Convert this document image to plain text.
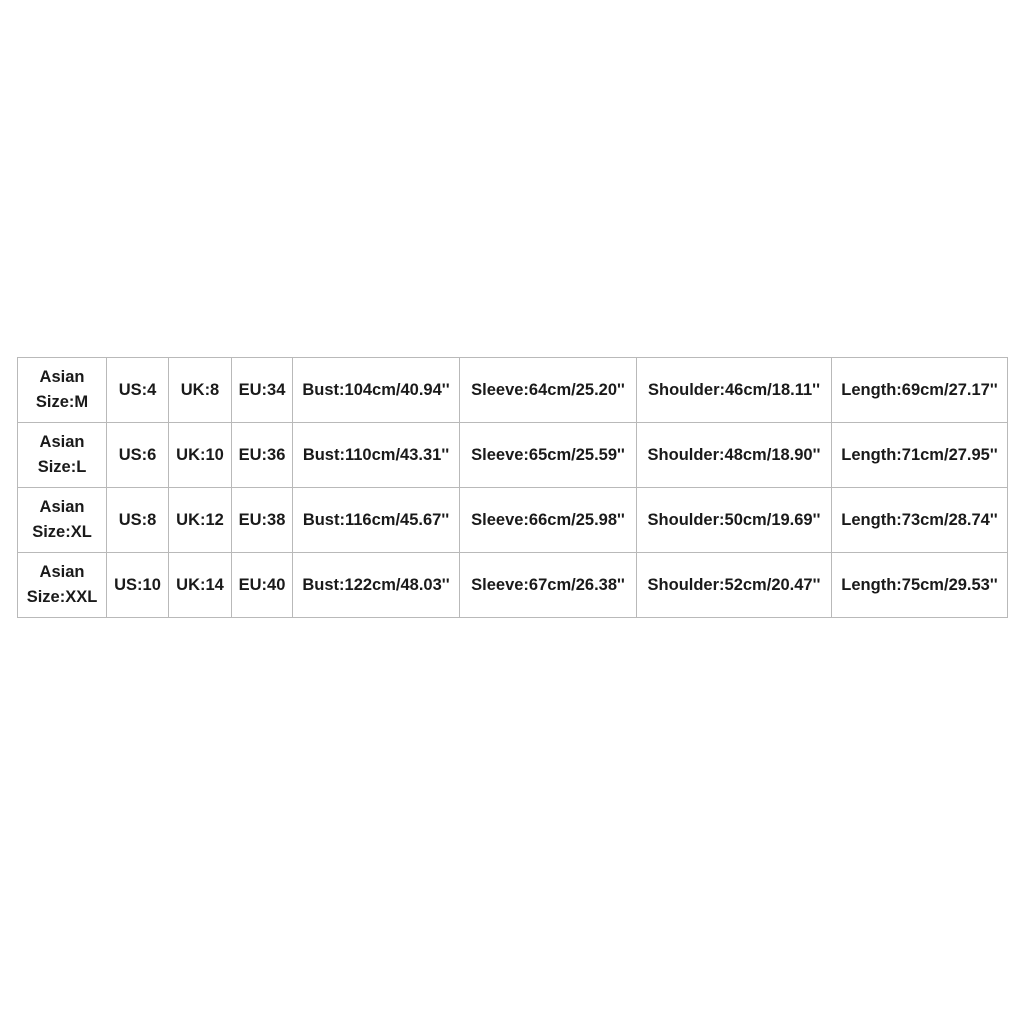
Asian
Size:M	US:4	UK:8	EU:34	Bust:104cm/40.94''	Sleeve:64cm/25.20''	Shoulder:46cm/18.11''	Length:69cm/27.17''

Asian
Size:L	US:6	UK:10	EU:36	Bust:110cm/43.31''	Sleeve:65cm/25.59''	Shoulder:48cm/18.90''	Length:71cm/27.95''

Asian
Size:XL	US:8	UK:12	EU:38	Bust:116cm/45.67''	Sleeve:66cm/25.98''	Shoulder:50cm/19.69''	Length:73cm/28.74''

Asian
Size:XXL	US:10	UK:14	EU:40	Bust:122cm/48.03''	Sleeve:67cm/26.38''	Shoulder:52cm/20.47''	Length:75cm/29.53''
